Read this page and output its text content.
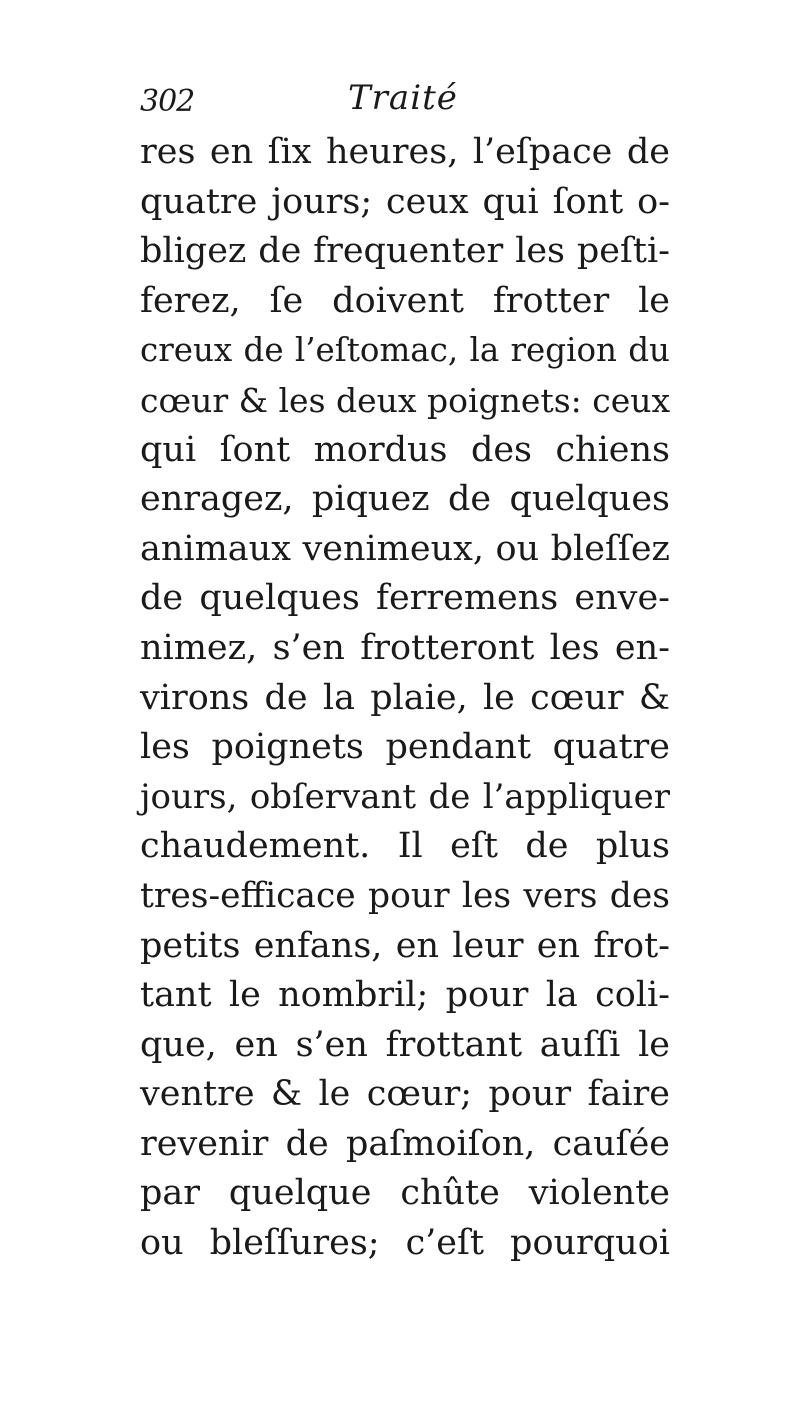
302	Traité
res en ſix heures, l’eſpace de
quatre jours; ceux qui ſont o-
bligez de frequenter les peſti-
ferez, ſe doivent frotter le
creux de l’eſtomac, la region du
cœur & les deux poignets: ceux
qui ſont mordus des chiens
enragez, piquez de quelques
animaux venimeux, ou bleſſez
de quelques ferremens enve-
nimez, s’en frotteront les en-
virons de la plaie, le cœur &
les poignets pendant quatre
jours, obſervant de l’appliquer
chaudement. Il eſt de plus
tres-efficace pour les vers des
petits enfans, en leur en frot-
tant le nombril; pour la coli-
que, en s’en frottant auſſi le
ventre & le cœur; pour faire
revenir de paſmoiſon, cauſée
par quelque chûte violente
ou bleſſures; c’eſt pourquoi
